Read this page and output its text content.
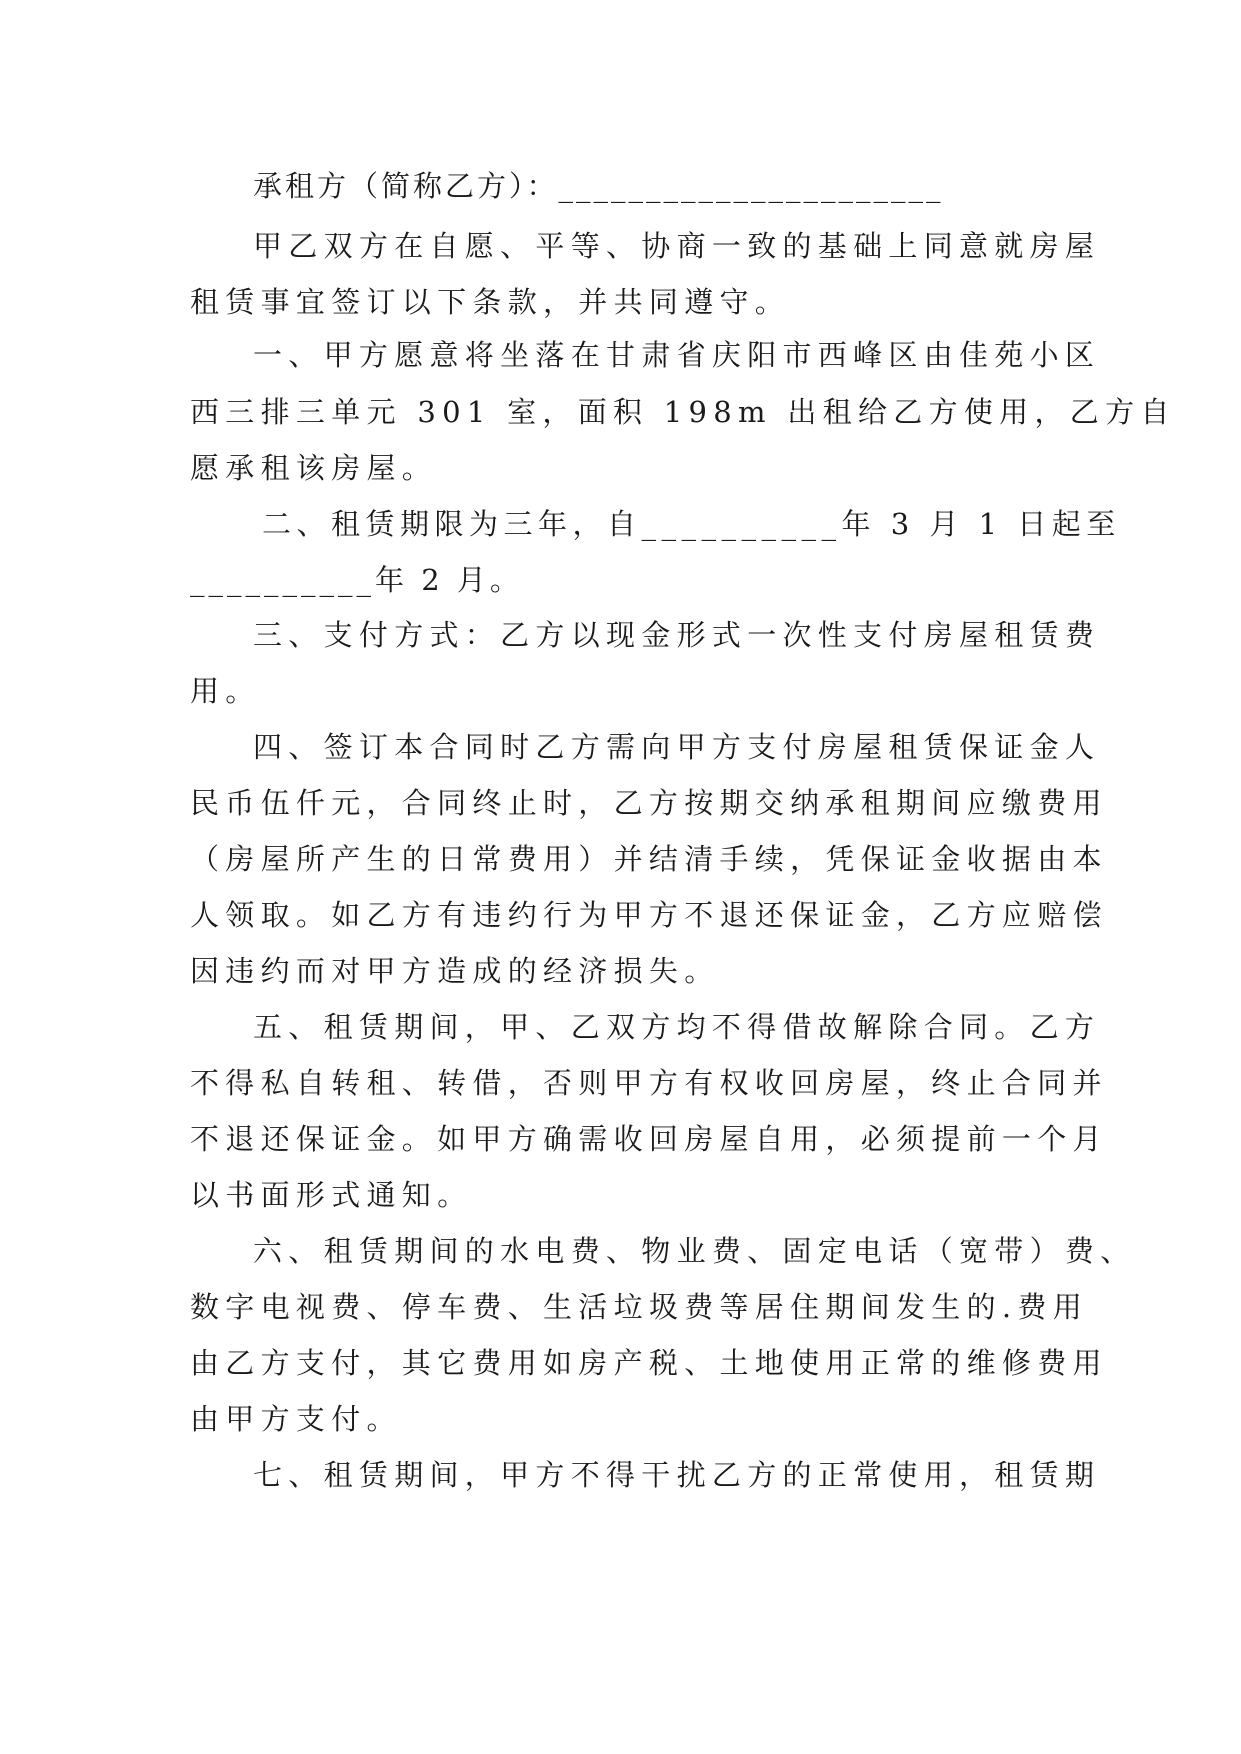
承租方（简称乙方）：______________________
甲乙双方在自愿、平等、协商一致的基础上同意就房屋
租赁事宜签订以下条款，并共同遵守。
一、甲方愿意将坐落在甘肃省庆阳市西峰区由佳苑小区
西三排三单元 301 室，面积 198m 出租给乙方使用，乙方自
愿承租该房屋。
二、租赁期限为三年，自__________年 3 月 1 日起至
__________年 2 月。
三、支付方式：乙方以现金形式一次性支付房屋租赁费
用。
四、签订本合同时乙方需向甲方支付房屋租赁保证金人
民币伍仟元，合同终止时，乙方按期交纳承租期间应缴费用
（房屋所产生的日常费用）并结清手续，凭保证金收据由本
人领取。如乙方有违约行为甲方不退还保证金，乙方应赔偿
因违约而对甲方造成的经济损失。
五、租赁期间，甲、乙双方均不得借故解除合同。乙方
不得私自转租、转借，否则甲方有权收回房屋，终止合同并
不退还保证金。如甲方确需收回房屋自用，必须提前一个月
以书面形式通知。
六、租赁期间的水电费、物业费、固定电话（宽带）费、
数字电视费、停车费、生活垃圾费等居住期间发生的.费用
由乙方支付，其它费用如房产税、土地使用正常的维修费用
由甲方支付。
七、租赁期间，甲方不得干扰乙方的正常使用，租赁期
